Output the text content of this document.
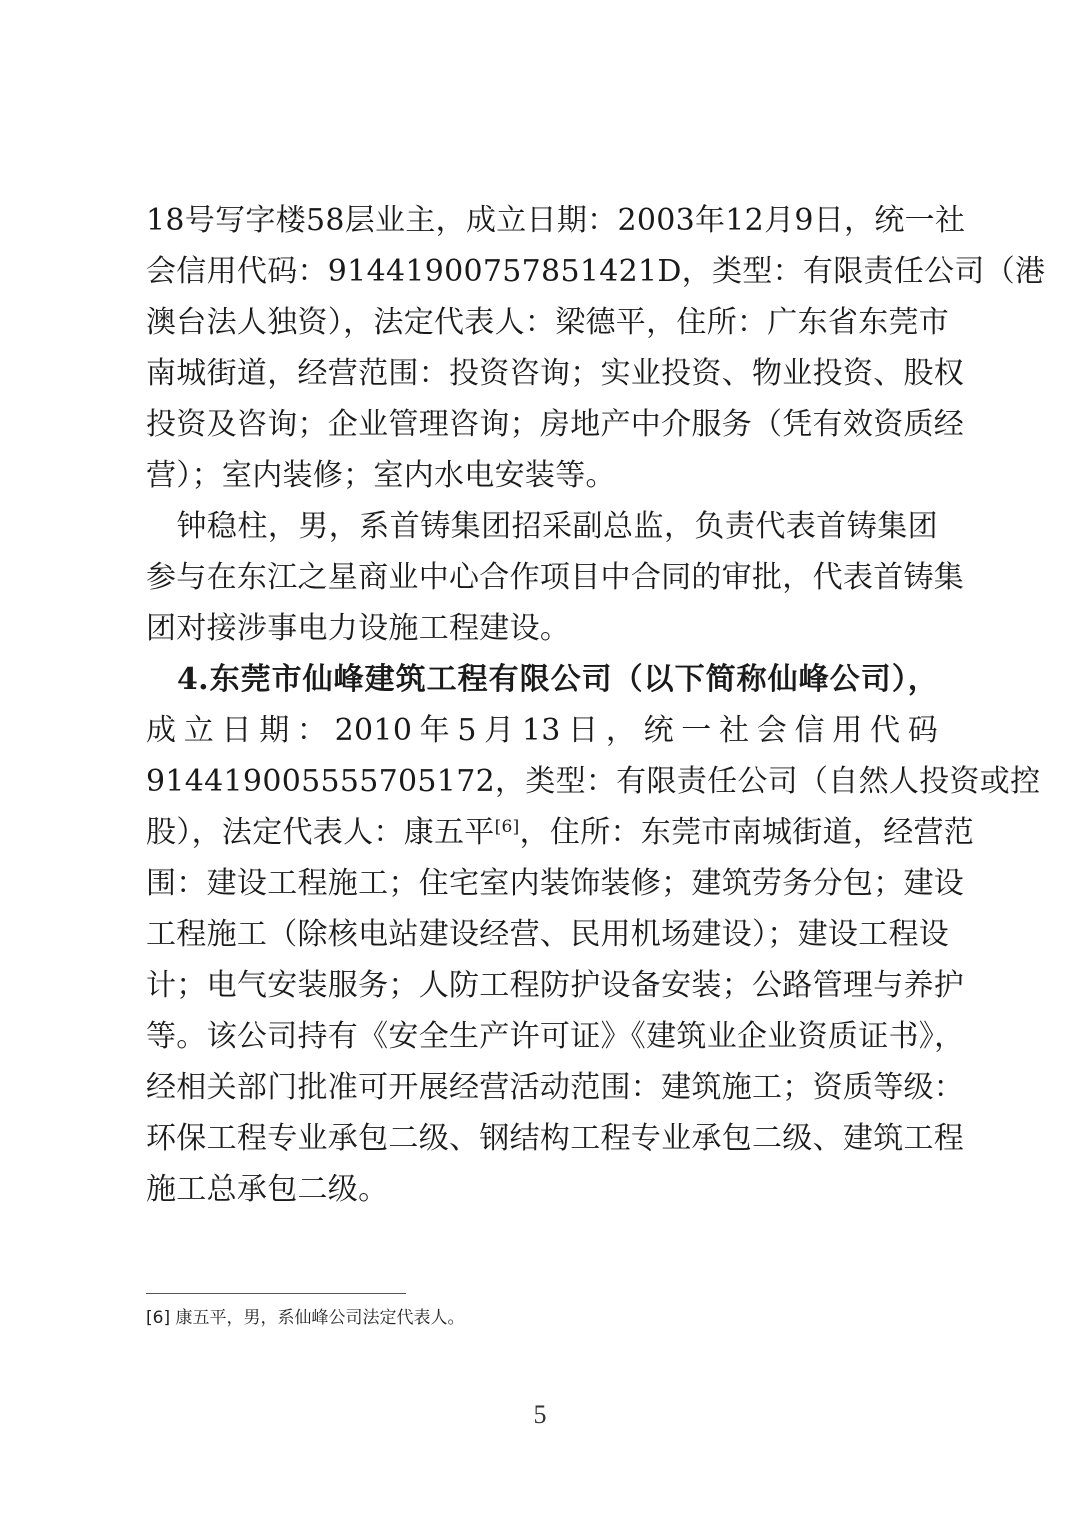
18号写字楼58层业主，成立日期：2003年12月9日，统一社
会信用代码：91441900757851421D，类型：有限责任公司（港
澳台法人独资），法定代表人：梁德平，住所：广东省东莞市
南城街道，经营范围：投资咨询；实业投资、物业投资、股权
投资及咨询；企业管理咨询；房地产中介服务（凭有效资质经
营）；室内装修；室内水电安装等。
　钟稳柱，男，系首铸集团招采副总监，负责代表首铸集团
参与在东江之星商业中心合作项目中合同的审批，代表首铸集
团对接涉事电力设施工程建设。
　4.东莞市仙峰建筑工程有限公司（以下简称仙峰公司），
成立日期：2010年5月13日，统一社会信用代码
914419005555705172，类型：有限责任公司（自然人投资或控
股），法定代表人：康五平[6]，住所：东莞市南城街道，经营范
围：建设工程施工；住宅室内装饰装修；建筑劳务分包；建设
工程施工（除核电站建设经营、民用机场建设）；建设工程设
计；电气安装服务；人防工程防护设备安装；公路管理与养护
等。该公司持有《安全生产许可证》《建筑业企业资质证书》，
经相关部门批准可开展经营活动范围：建筑施工；资质等级：
环保工程专业承包二级、钢结构工程专业承包二级、建筑工程
施工总承包二级。
[6] 康五平，男，系仙峰公司法定代表人。
5
